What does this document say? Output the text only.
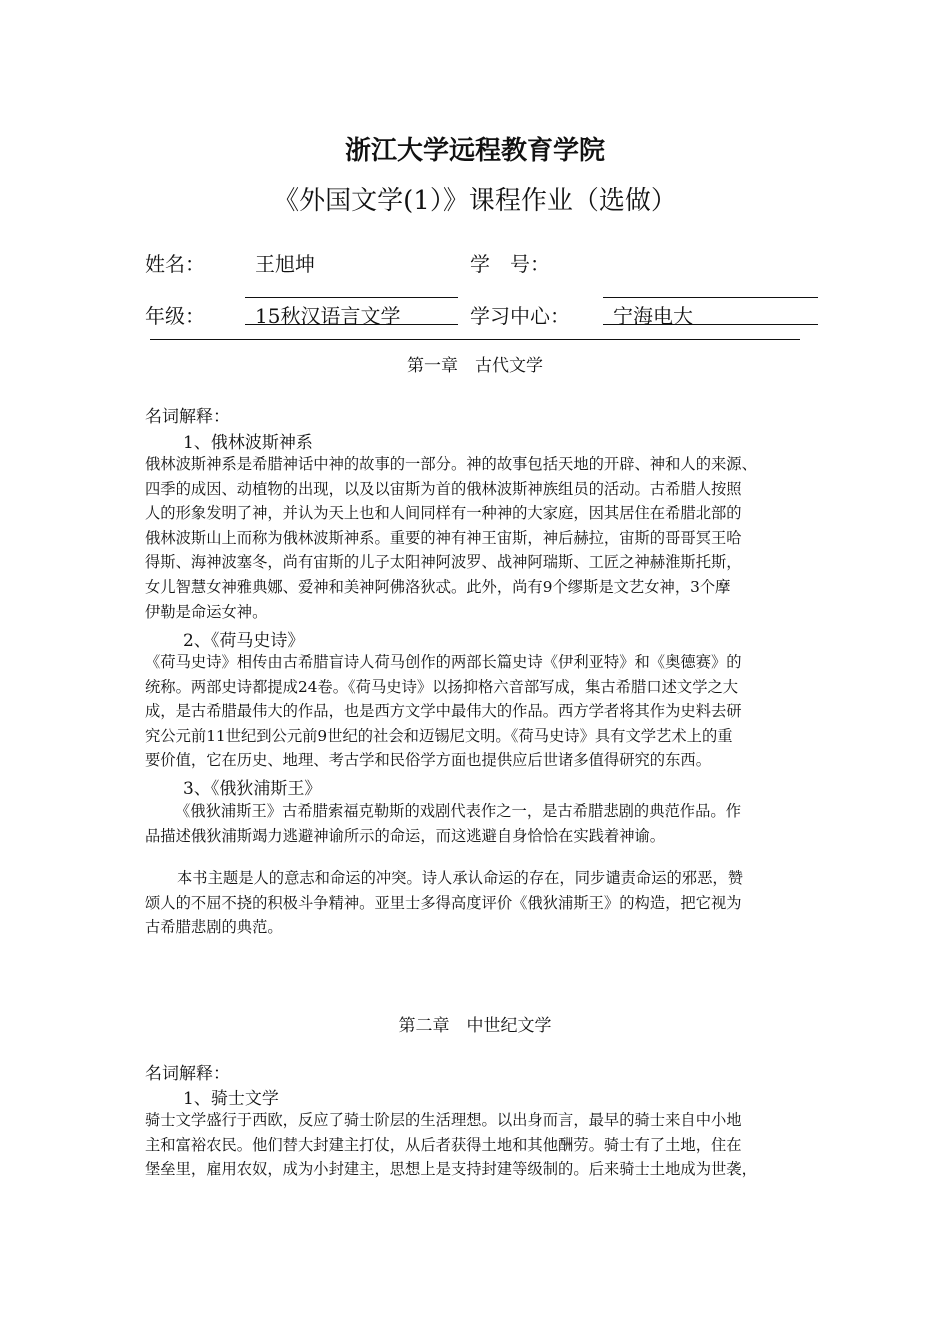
浙江大学远程教育学院
《外国文学(1）》课程作业（选做）
姓名：	王旭坤	学　号：
年级：	15秋汉语言文学	学习中心： 宁海电大
第一章　古代文学
名词解释：
1、俄林波斯神系
俄林波斯神系是希腊神话中神的故事的一部分。神的故事包括天地的开辟、神和人的来源、
四季的成因、动植物的出现，以及以宙斯为首的俄林波斯神族组员的活动。古希腊人按照
人的形象发明了神，并认为天上也和人间同样有一种神的大家庭，因其居住在希腊北部的
俄林波斯山上而称为俄林波斯神系。重要的神有神王宙斯，神后赫拉，宙斯的哥哥冥王哈
得斯、海神波塞冬，尚有宙斯的儿子太阳神阿波罗、战神阿瑞斯、工匠之神赫淮斯托斯，
女儿智慧女神雅典娜、爱神和美神阿佛洛狄忒。此外，尚有9个缪斯是文艺女神，3个摩
伊勒是命运女神。
2、《荷马史诗》
《荷马史诗》相传由古希腊盲诗人荷马创作的两部长篇史诗《伊利亚特》和《奥德赛》的
统称。两部史诗都提成24卷。《荷马史诗》以扬抑格六音部写成，集古希腊口述文学之大
成，是古希腊最伟大的作品，也是西方文学中最伟大的作品。西方学者将其作为史料去研
究公元前11世纪到公元前9世纪的社会和迈锡尼文明。《荷马史诗》具有文学艺术上的重
要价值，它在历史、地理、考古学和民俗学方面也提供应后世诸多值得研究的东西。
3、《俄狄浦斯王》
《俄狄浦斯王》古希腊索福克勒斯的戏剧代表作之一，是古希腊悲剧的典范作品。作
品描述俄狄浦斯竭力逃避神谕所示的命运，而这逃避自身恰恰在实践着神谕。
本书主题是人的意志和命运的冲突。诗人承认命运的存在，同步谴责命运的邪恶，赞
颂人的不屈不挠的积极斗争精神。亚里士多得高度评价《俄狄浦斯王》的构造，把它视为
古希腊悲剧的典范。
第二章　中世纪文学
名词解释：
1、骑士文学
骑士文学盛行于西欧，反应了骑士阶层的生活理想。以出身而言，最早的骑士来自中小地
主和富裕农民。他们替大封建主打仗，从后者获得土地和其他酬劳。骑士有了土地，住在
堡垒里，雇用农奴，成为小封建主，思想上是支持封建等级制的。后来骑士土地成为世袭，
